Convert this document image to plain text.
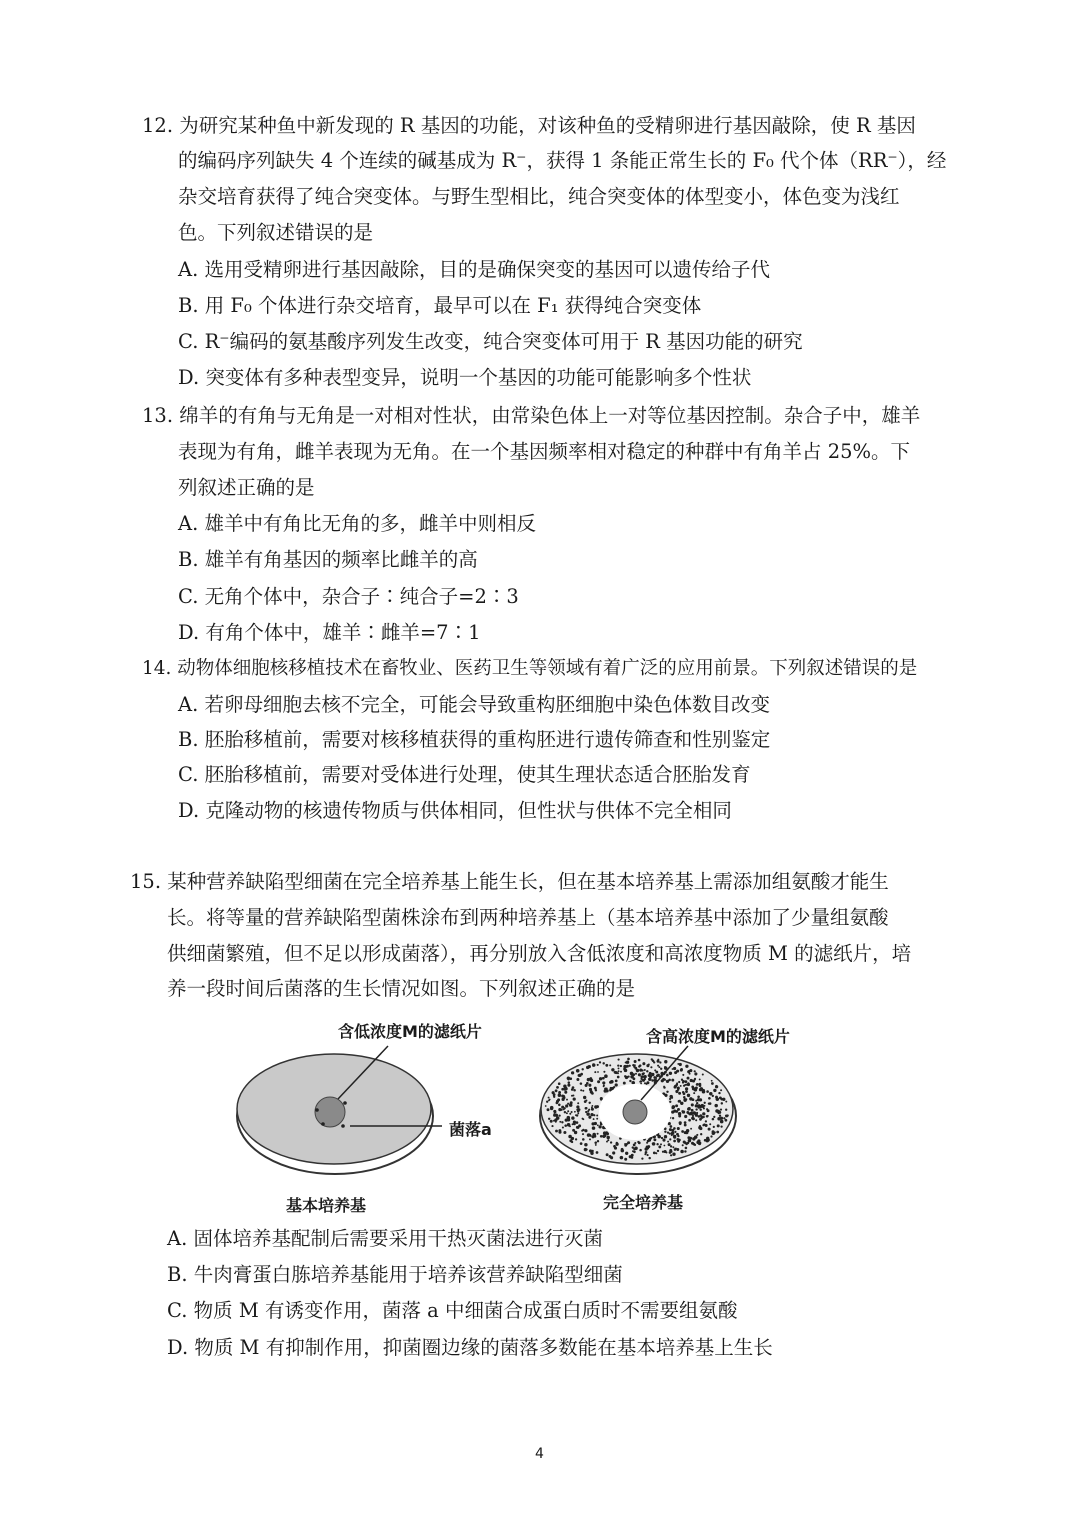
12. 为研究某种鱼中新发现的 R 基因的功能，对该种鱼的受精卵进行基因敲除，使 R 基因
的编码序列缺失 4 个连续的碱基成为 R⁻，获得 1 条能正常生长的 F₀ 代个体（RR⁻），经
杂交培育获得了纯合突变体。与野生型相比，纯合突变体的体型变小，体色变为浅红
色。下列叙述错误的是
A. 选用受精卵进行基因敲除，目的是确保突变的基因可以遗传给子代
B. 用 F₀ 个体进行杂交培育，最早可以在 F₁ 获得纯合突变体
C. R⁻编码的氨基酸序列发生改变，纯合突变体可用于 R 基因功能的研究
D. 突变体有多种表型变异，说明一个基因的功能可能影响多个性状
13. 绵羊的有角与无角是一对相对性状，由常染色体上一对等位基因控制。杂合子中，雄羊
表现为有角，雌羊表现为无角。在一个基因频率相对稳定的种群中有角羊占 25%。下
列叙述正确的是
A. 雄羊中有角比无角的多，雌羊中则相反
B. 雄羊有角基因的频率比雌羊的高
C. 无角个体中，杂合子∶纯合子=2∶3
D. 有角个体中，雄羊∶雌羊=7∶1
14. 动物体细胞核移植技术在畜牧业、医药卫生等领域有着广泛的应用前景。下列叙述错误的是
A. 若卵母细胞去核不完全，可能会导致重构胚细胞中染色体数目改变
B. 胚胎移植前，需要对核移植获得的重构胚进行遗传筛查和性别鉴定
C. 胚胎移植前，需要对受体进行处理，使其生理状态适合胚胎发育
D. 克隆动物的核遗传物质与供体相同，但性状与供体不完全相同
15. 某种营养缺陷型细菌在完全培养基上能生长，但在基本培养基上需添加组氨酸才能生
长。将等量的营养缺陷型菌株涂布到两种培养基上（基本培养基中添加了少量组氨酸
供细菌繁殖，但不足以形成菌落），再分别放入含低浓度和高浓度物质 M 的滤纸片，培
养一段时间后菌落的生长情况如图。下列叙述正确的是
含低浓度M的滤纸片	含高浓度M的滤纸片
菌落a
基本培养基	完全培养基
A. 固体培养基配制后需要采用干热灭菌法进行灭菌
B. 牛肉膏蛋白胨培养基能用于培养该营养缺陷型细菌
C. 物质 M 有诱变作用，菌落 a 中细菌合成蛋白质时不需要组氨酸
D. 物质 M 有抑制作用，抑菌圈边缘的菌落多数能在基本培养基上生长
4
